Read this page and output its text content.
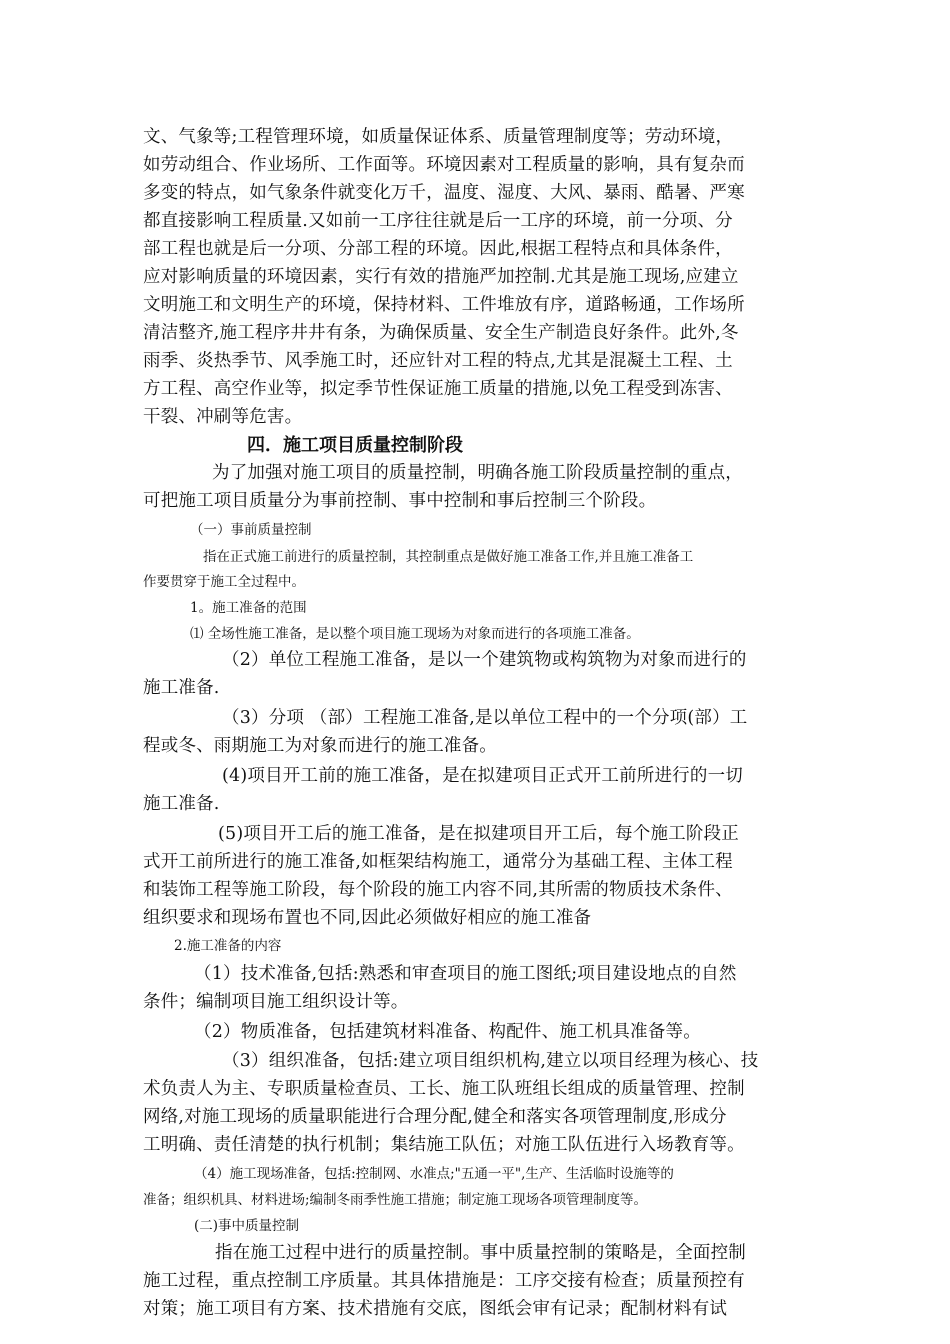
文、气象等;工程管理环境，如质量保证体系、质量管理制度等；劳动环境，

如劳动组合、作业场所、工作面等。环境因素对工程质量的影响，具有复杂而

多变的特点，如气象条件就变化万千，温度、湿度、大风、暴雨、酷暑、严寒

都直接影响工程质量.又如前一工序往往就是后一工序的环境，前一分项、分

部工程也就是后一分项、分部工程的环境。因此,根据工程特点和具体条件，

应对影响质量的环境因素，实行有效的措施严加控制.尤其是施工现场,应建立

文明施工和文明生产的环境，保持材料、工件堆放有序，道路畅通，工作场所

清洁整齐,施工程序井井有条，为确保质量、安全生产制造良好条件。此外,冬

雨季、炎热季节、风季施工时，还应针对工程的特点,尤其是混凝土工程、土

方工程、高空作业等，拟定季节性保证施工质量的措施,以免工程受到冻害、

干裂、冲刷等危害。

四．施工项目质量控制阶段

为了加强对施工项目的质量控制，明确各施工阶段质量控制的重点，

可把施工项目质量分为事前控制、事中控制和事后控制三个阶段。

（一）事前质量控制

指在正式施工前进行的质量控制，其控制重点是做好施工准备工作,并且施工准备工

作要贯穿于施工全过程中。

1。施工准备的范围

⑴ 全场性施工准备，是以整个项目施工现场为对象而进行的各项施工准备。

（2）单位工程施工准备，是以一个建筑物或构筑物为对象而进行的

施工准备.

（3）分项 （部）工程施工准备,是以单位工程中的一个分项(部）工

程或冬、雨期施工为对象而进行的施工准备。

(4)项目开工前的施工准备，是在拟建项目正式开工前所进行的一切

施工准备.

(5)项目开工后的施工准备，是在拟建项目开工后，每个施工阶段正

式开工前所进行的施工准备,如框架结构施工，通常分为基础工程、主体工程

和装饰工程等施工阶段，每个阶段的施工内容不同,其所需的物质技术条件、

组织要求和现场布置也不同,因此必须做好相应的施工准备

2.施工准备的内容

（1）技术准备,包括:熟悉和审查项目的施工图纸;项目建设地点的自然

条件；编制项目施工组织设计等。

（2）物质准备，包括建筑材料准备、构配件、施工机具准备等。

（3）组织准备，包括:建立项目组织机构,建立以项目经理为核心、技

术负责人为主、专职质量检查员、工长、施工队班组长组成的质量管理、控制

网络,对施工现场的质量职能进行合理分配,健全和落实各项管理制度,形成分

工明确、责任清楚的执行机制；集结施工队伍；对施工队伍进行入场教育等。

（4）施工现场准备，包括:控制网、水准点;"五通一平",生产、生活临时设施等的

准备；组织机具、材料进场;编制冬雨季性施工措施；制定施工现场各项管理制度等。

(二)事中质量控制

指在施工过程中进行的质量控制。事中质量控制的策略是，全面控制

施工过程，重点控制工序质量。其具体措施是：工序交接有检查；质量预控有

对策；施工项目有方案、技术措施有交底，图纸会审有记录；配制材料有试
